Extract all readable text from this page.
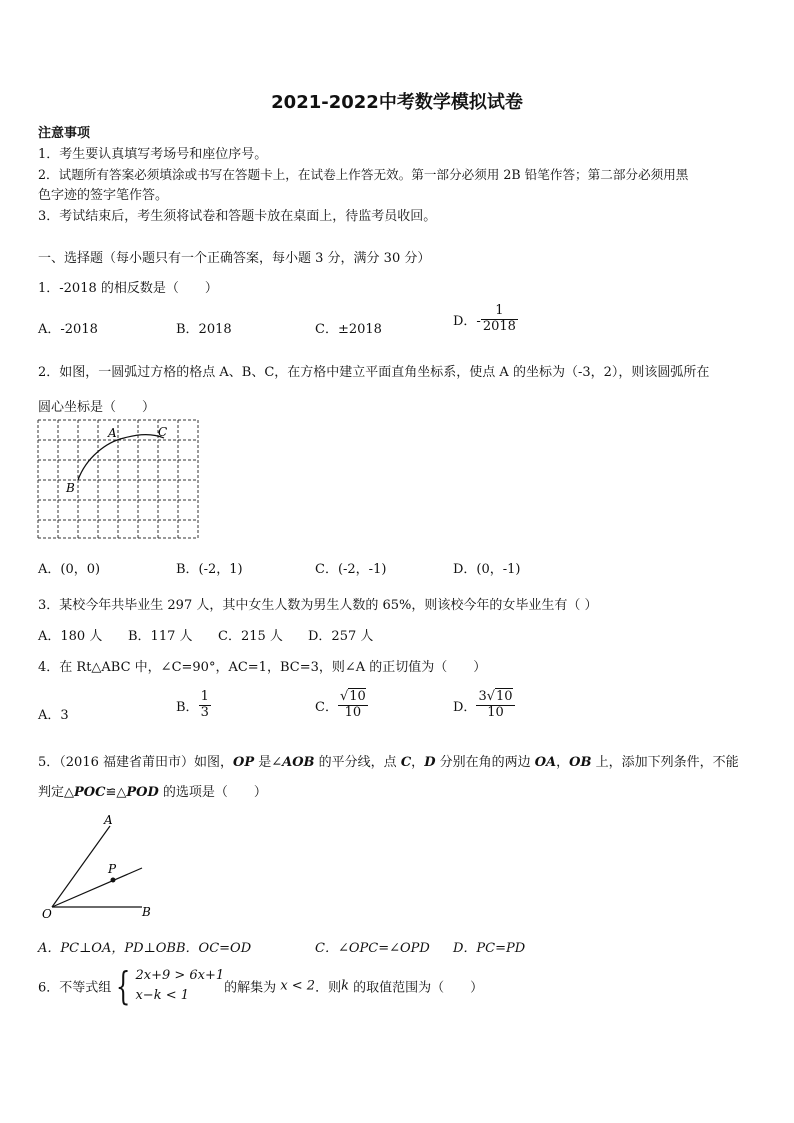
2021-2022中考数学模拟试卷
注意事项
1．考生要认真填写考场号和座位序号。
2．试题所有答案必须填涂或书写在答题卡上，在试卷上作答无效。第一部分必须用 2B 铅笔作答；第二部分必须用黑
色字迹的签字笔作答。
3．考试结束后，考生须将试卷和答题卡放在桌面上，待监考员收回。
一、选择题（每小题只有一个正确答案，每小题 3 分，满分 30 分）
1．-2018 的相反数是（　　）
A．-2018	B．2018	C．±2018
D．- $\frac{1}{2018}$
2．如图，一圆弧过方格的格点 A、B、C，在方格中建立平面直角坐标系，使点 A 的坐标为（-3，2），则该圆弧所在
圆心坐标是（　　）
A	C
B
A．(0，0)	B．(-2，1)	C．(-2，-1)	D．(0，-1)
3．某校今年共毕业生 297 人，其中女生人数为男生人数的 65%，则该校今年的女毕业生有（ ）
A．180 人 B．117 人 C．215 人 D．257 人
4．在 Rt△ABC 中，∠C=90°，AC=1，BC=3，则∠A 的正切值为（　　）
A．3
B． $\frac{1}{3}$	C． $\frac{√10}{10}$	D． $\frac{3√10}{10}$
5．（2016 福建省莆田市）如图，OP 是∠AOB 的平分线，点 C，D 分别在角的两边 OA，OB 上，添加下列条件，不能
判定△POC≌△POD 的选项是（　　）
A
P
O	B
A．PC⊥OA，PD⊥OB B．OC=OD	C．∠OPC=∠OPD D．PC=PD
6．不等式组 { 2x+9 > 6x+1
x−k < 1	的解集为 x < 2．则k 的取值范围为（　　）
